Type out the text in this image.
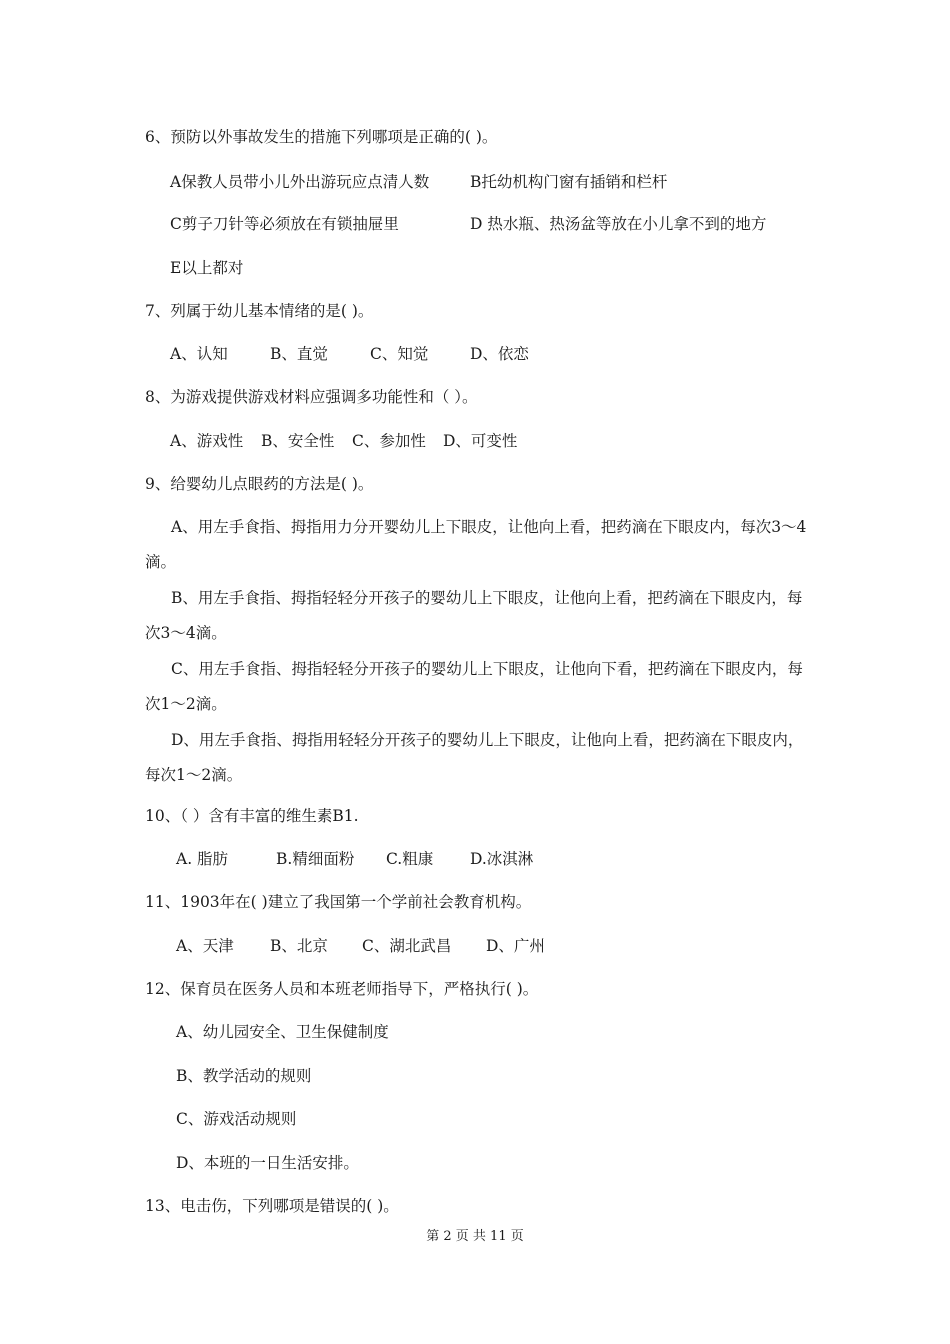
6、预防以外事故发生的措施下列哪项是正确的( )。
A保教人员带小儿外出游玩应点清人数	B托幼机构门窗有插销和栏杆
C剪子刀针等必须放在有锁抽屉里	D 热水瓶、热汤盆等放在小儿拿不到的地方
E以上都对
7、列属于幼儿基本情绪的是( )。
A、认知	B、直觉	C、知觉	D、依恋
8、为游戏提供游戏材料应强调多功能性和（ ）。
A、游戏性 B、安全性 C、参加性 D、可变性
9、给婴幼儿点眼药的方法是( )。
A、用左手食指、拇指用力分开婴幼儿上下眼皮，让他向上看，把药滴在下眼皮内，每次3～4滴。
B、用左手食指、拇指轻轻分开孩子的婴幼儿上下眼皮，让他向上看，把药滴在下眼皮内，每次3～4滴。
C、用左手食指、拇指轻轻分开孩子的婴幼儿上下眼皮，让他向下看，把药滴在下眼皮内，每次1～2滴。
D、用左手食指、拇指用轻轻分开孩子的婴幼儿上下眼皮，让他向上看，把药滴在下眼皮内，每次1～2滴。
10、（ ）含有丰富的维生素B1.
A. 脂肪	B.精细面粉 C.粗康 D.冰淇淋
11、1903年在( )建立了我国第一个学前社会教育机构。
A、天津 B、北京 C、湖北武昌 D、广州
12、保育员在医务人员和本班老师指导下，严格执行( )。
A、幼儿园安全、卫生保健制度
B、教学活动的规则
C、游戏活动规则
D、本班的一日生活安排。
13、电击伤，下列哪项是错误的( )。
第 2 页 共 11 页
